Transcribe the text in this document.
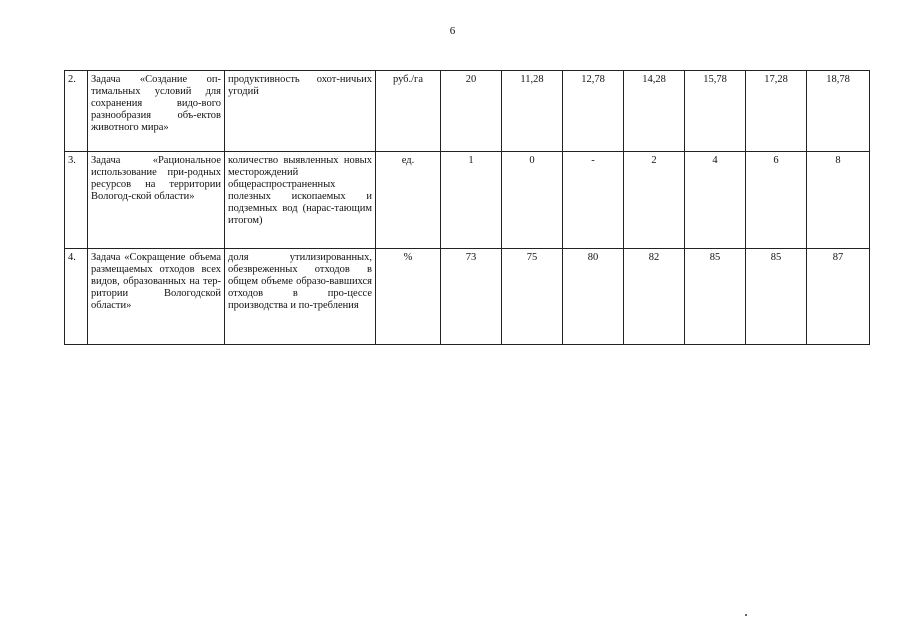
6
2.	Задача «Создание оп-тимальных условий для сохранения видо-вого разнообразия объ-ектов животного мира»	продуктивность охот-ничьих угодий	руб./га	20	11,28	12,78	14,28	15,78	17,28	18,78
3.	Задача «Рациональное использование при-родных ресурсов на территории Вологод-ской области»	количество выявленных новых месторождений общераспространенных полезных ископаемых и подземных вод (нарас-тающим итогом)	ед.	1	0	-	2	4	6	8
4.	Задача «Сокращение объема размещаемых отходов всех видов, образованных на тер-ритории Вологодской области»	доля утилизированных, обезвреженных отходов в общем объеме образо-вавшихся отходов в про-цессе производства и по-требления	%	73	75	80	82	85	85	87
